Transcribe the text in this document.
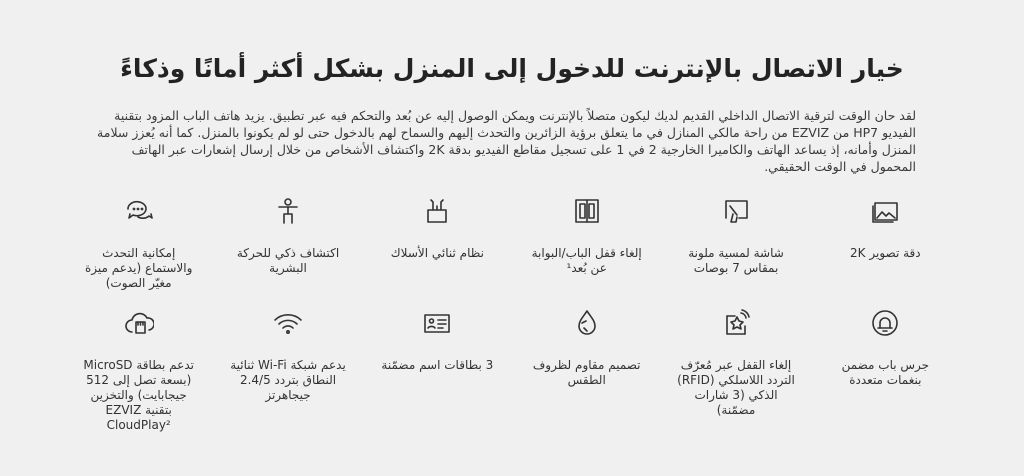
خيار الاتصال بالإنترنت للدخول إلى المنزل بشكل أكثر أمانًا وذكاءً
لقد حان الوقت لترقية الاتصال الداخلي القديم لديك ليكون متصلاً بالإنترنت ويمكن الوصول إليه عن بُعد والتحكم فيه عبر تطبيق. يزيد هاتف الباب المزود بتقنية الفيديو HP7 من EZVIZ من راحة مالكي المنازل في ما يتعلق برؤية الزائرين والتحدث إليهم والسماح لهم بالدخول حتى لو لم يكونوا بالمنزل. كما أنه يُعزز سلامة المنزل وأمانه، إذ يساعد الهاتف والكاميرا الخارجية 2 في 1 على تسجيل مقاطع الفيديو بدقة 2K واكتشاف الأشخاص من خلال إرسال إشعارات عبر الهاتف المحمول في الوقت الحقيقي.
دقة تصوير 2K
شاشة لمسية ملونة
بمقاس 7 بوصات
إلغاء قفل الباب/البوابة
عن بُعد¹
نظام ثنائي الأسلاك
اكتشاف ذكي للحركة
البشرية
إمكانية التحدث
والاستماع (يدعم ميزة
مغيّر الصوت)
جرس باب مضمن
بنغمات متعددة
إلغاء القفل عبر مُعرّف
التردد اللاسلكي (RFID)
الذكي (3 شارات
مضمّنة)
تصميم مقاوم لظروف
الطقس
3 بطاقات اسم مضمّنة
يدعم شبكة Wi-Fi ثنائية
النطاق بتردد 2.4/5
جيجاهرتز
تدعم بطاقة MicroSD
(بسعة تصل إلى 512
جيجابايت) والتخزين
بتقنية EZVIZ
CloudPlay²
